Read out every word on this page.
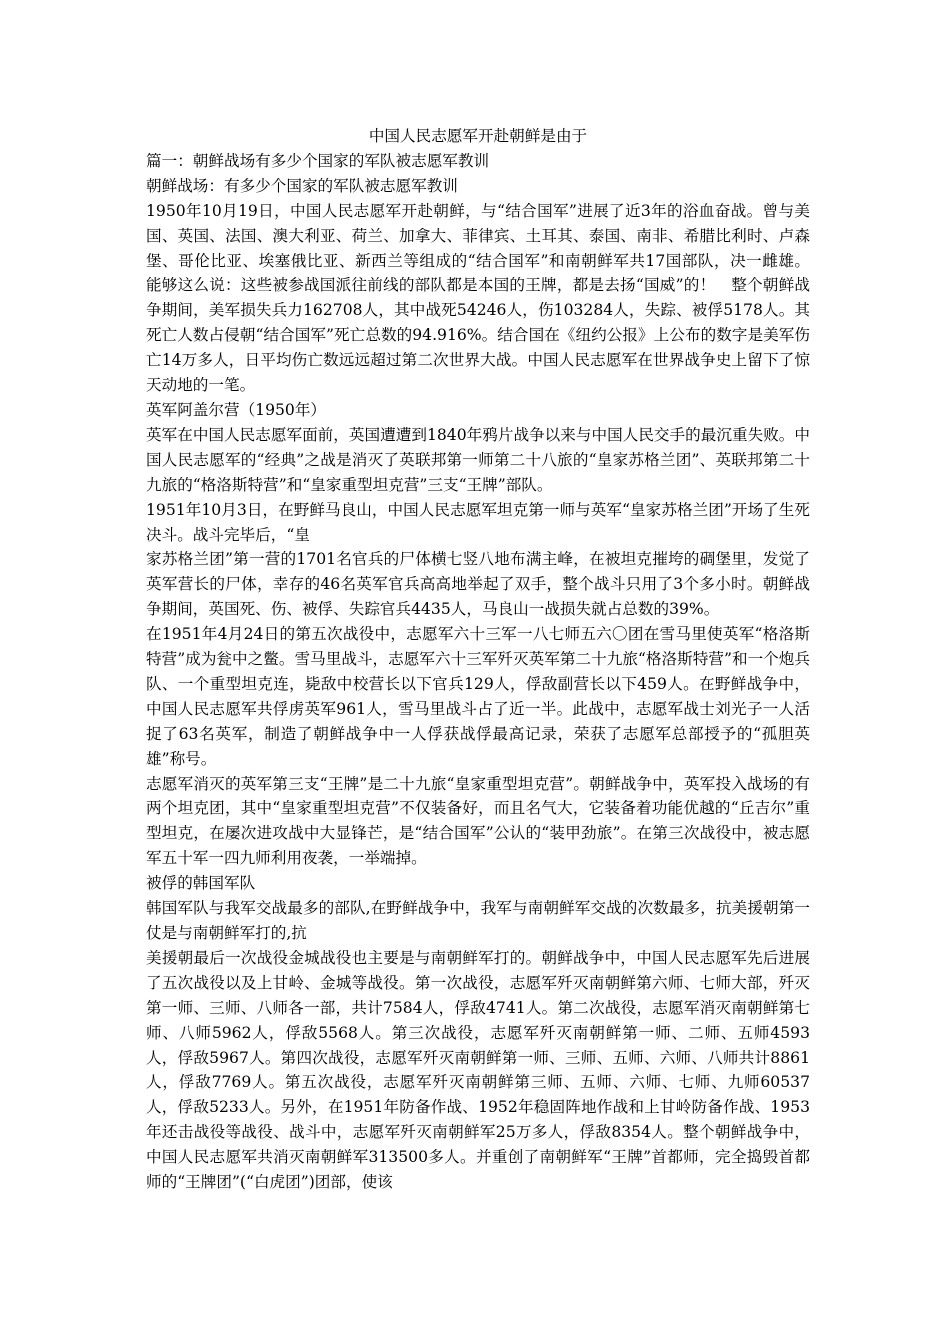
中国人民志愿军开赴朝鲜是由于

篇一：朝鲜战场有多少个国家的军队被志愿军教训

朝鲜战场：有多少个国家的军队被志愿军教训

1950年10月19日，中国人民志愿军开赴朝鲜，与“结合国军”进展了近3年的浴血奋战。曾与美国、英国、法国、澳大利亚、荷兰、加拿大、菲律宾、土耳其、泰国、南非、希腊比利时、卢森堡、哥伦比亚、埃塞俄比亚、新西兰等组成的“结合国军”和南朝鲜军共17国部队，决一雌雄。 能够这么说：这些被参战国派往前线的部队都是本国的王牌，都是去扬“国威”的！　整个朝鲜战争期间，美军损失兵力162708人，其中战死54246人，伤103284人，失踪、被俘5178人。其死亡人数占侵朝“结合国军”死亡总数的94.916%。结合国在《纽约公报》上公布的数字是美军伤亡14万多人，日平均伤亡数远远超过第二次世界大战。中国人民志愿军在世界战争史上留下了惊天动地的一笔。

英军阿盖尔营（1950年）

英军在中国人民志愿军面前，英国遭遭到1840年鸦片战争以来与中国人民交手的最沉重失败。中国人民志愿军的“经典”之战是消灭了英联邦第一师第二十八旅的“皇家苏格兰团”、英联邦第二十九旅的“格洛斯特营”和“皇家重型坦克营”三支“王牌”部队。

1951年10月3日，在野鲜马良山，中国人民志愿军坦克第一师与英军“皇家苏格兰团”开场了生死决斗。战斗完毕后，“皇

家苏格兰团”第一营的1701名官兵的尸体横七竖八地布满主峰，在被坦克摧垮的碉堡里，发觉了英军营长的尸体，幸存的46名英军官兵高高地举起了双手，整个战斗只用了3个多小时。朝鲜战争期间，英国死、伤、被俘、失踪官兵4435人，马良山一战损失就占总数的39%。

在1951年4月24日的第五次战役中，志愿军六十三军一八七师五六〇团在雪马里使英军“格洛斯特营”成为瓮中之鳖。雪马里战斗，志愿军六十三军歼灭英军第二十九旅“格洛斯特营”和一个炮兵队、一个重型坦克连，毙敌中校营长以下官兵129人，俘敌副营长以下459人。在野鲜战争中，中国人民志愿军共俘虏英军961人，雪马里战斗占了近一半。此战中，志愿军战士刘光子一人活捉了63名英军，制造了朝鲜战争中一人俘获战俘最高记录，荣获了志愿军总部授予的“孤胆英雄”称号。

志愿军消灭的英军第三支“王牌”是二十九旅“皇家重型坦克营”。朝鲜战争中，英军投入战场的有两个坦克团，其中“皇家重型坦克营”不仅装备好，而且名气大，它装备着功能优越的“丘吉尔”重型坦克，在屡次进攻战中大显锋芒，是“结合国军”公认的“装甲劲旅”。在第三次战役中，被志愿军五十军一四九师利用夜袭，一举端掉。

被俘的韩国军队

韩国军队与我军交战最多的部队,在野鲜战争中，我军与南朝鲜军交战的次数最多，抗美援朝第一仗是与南朝鲜军打的,抗

美援朝最后一次战役金城战役也主要是与南朝鲜军打的。朝鲜战争中，中国人民志愿军先后进展了五次战役以及上甘岭、金城等战役。第一次战役，志愿军歼灭南朝鲜第六师、七师大部，歼灭第一师、三师、八师各一部，共计7584人，俘敌4741人。第二次战役，志愿军消灭南朝鲜第七师、八师5962人，俘敌5568人。第三次战役，志愿军歼灭南朝鲜第一师、二师、五师4593人，俘敌5967人。第四次战役，志愿军歼灭南朝鲜第一师、三师、五师、六师、八师共计8861人，俘敌7769人。第五次战役，志愿军歼灭南朝鲜第三师、五师、六师、七师、九师60537人，俘敌5233人。另外，在1951年防备作战、1952年稳固阵地作战和上甘岭防备作战、1953年还击战役等战役、战斗中，志愿军歼灭南朝鲜军25万多人，俘敌8354人。整个朝鲜战争中，中国人民志愿军共消灭南朝鲜军313500多人。并重创了南朝鲜军“王牌”首都师，完全捣毁首都师的“王牌团”(“白虎团”)团部，使该
